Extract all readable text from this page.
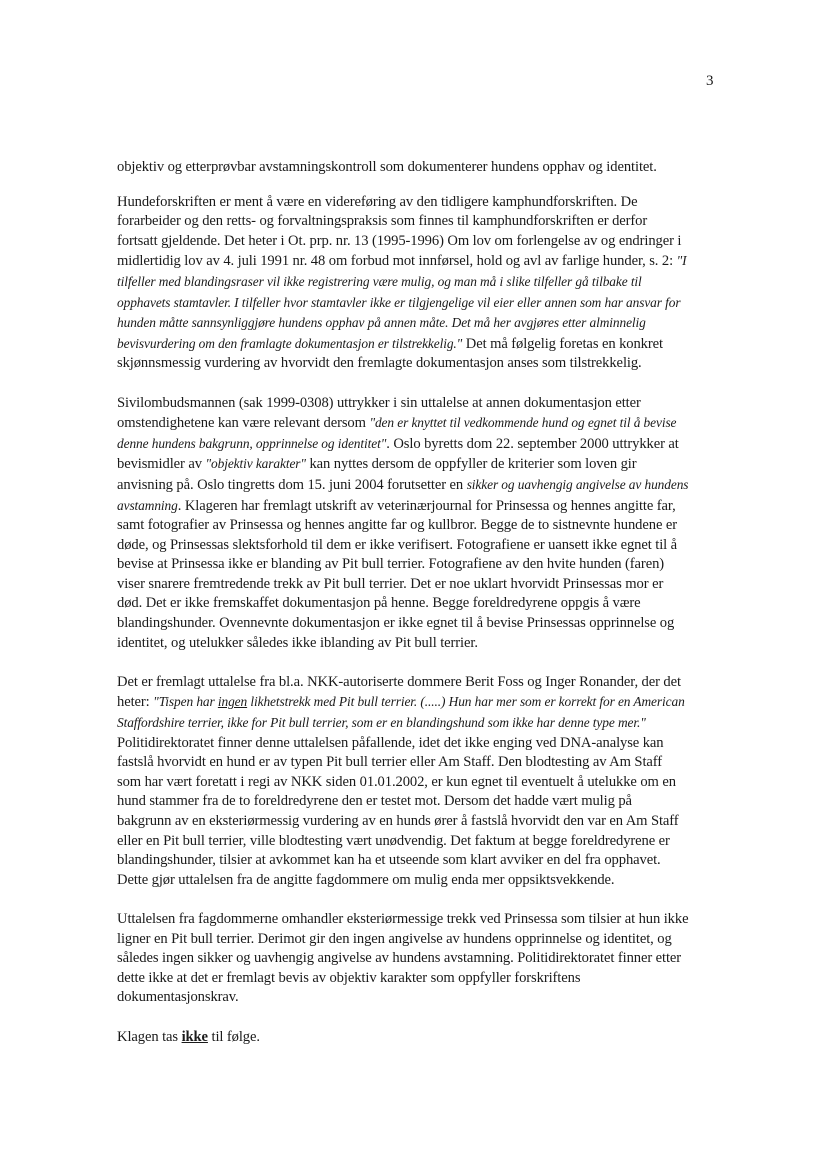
3

objektiv og etterprøvbar avstamningskontroll som dokumenterer hundens opphav og identitet.

Hundeforskriften er ment å være en videreføring av den tidligere kamphundforskriften. De forarbeider og den retts- og forvaltningspraksis som finnes til kamphundforskriften er derfor fortsatt gjeldende. Det heter i Ot. prp. nr. 13 (1995-1996) Om lov om forlengelse av og endringer i midlertidig lov av 4. juli 1991 nr. 48 om forbud mot innførsel, hold og avl av farlige hunder, s. 2: "I tilfeller med blandingsraser vil ikke registrering være mulig, og man må i slike tilfeller gå tilbake til opphavets stamtavler. I tilfeller hvor stamtavler ikke er tilgjengelige vil eier eller annen som har ansvar for hunden måtte sannsynliggjøre hundens opphav på annen måte. Det må her avgjøres etter alminnelig bevisvurdering om den framlagte dokumentasjon er tilstrekkelig." Det må følgelig foretas en konkret skjønnsmessig vurdering av hvorvidt den fremlagte dokumentasjon anses som tilstrekkelig.

Sivilombudsmannen (sak 1999-0308) uttrykker i sin uttalelse at annen dokumentasjon etter omstendighetene kan være relevant dersom "den er knyttet til vedkommende hund og egnet til å bevise denne hundens bakgrunn, opprinnelse og identitet". Oslo byretts dom 22. september 2000 uttrykker at bevismidler av "objektiv karakter" kan nyttes dersom de oppfyller de kriterier som loven gir anvisning på. Oslo tingretts dom 15. juni 2004 forutsetter en sikker og uavhengig angivelse av hundens avstamning. Klageren har fremlagt utskrift av veterinærjournal for Prinsessa og hennes angitte far, samt fotografier av Prinsessa og hennes angitte far og kullbror. Begge de to sistnevnte hundene er døde, og Prinsessas slektsforhold til dem er ikke verifisert. Fotografiene er uansett ikke egnet til å bevise at Prinsessa ikke er blanding av Pit bull terrier. Fotografiene av den hvite hunden (faren) viser snarere fremtredende trekk av Pit bull terrier. Det er noe uklart hvorvidt Prinsessas mor er død. Det er ikke fremskaffet dokumentasjon på henne. Begge foreldredyrene oppgis å være blandingshunder. Ovennevnte dokumentasjon er ikke egnet til å bevise Prinsessas opprinnelse og identitet, og utelukker således ikke iblanding av Pit bull terrier.

Det er fremlagt uttalelse fra bl.a. NKK-autoriserte dommere Berit Foss og Inger Ronander, der det heter: "Tispen har ingen likhetstrekk med Pit bull terrier. (.....) Hun har mer som er korrekt for en American Staffordshire terrier, ikke for Pit bull terrier, som er en blandingshund som ikke har denne type mer." Politidirektoratet finner denne uttalelsen påfallende, idet det ikke enging ved DNA-analyse kan fastslå hvorvidt en hund er av typen Pit bull terrier eller Am Staff. Den blodtesting av Am Staff som har vært foretatt i regi av NKK siden 01.01.2002, er kun egnet til eventuelt å utelukke om en hund stammer fra de to foreldredyrene den er testet mot. Dersom det hadde vært mulig på bakgrunn av en eksteriørmessig vurdering av en hunds ører å fastslå hvorvidt den var en Am Staff eller en Pit bull terrier, ville blodtesting vært unødvendig. Det faktum at begge foreldredyrene er blandingshunder, tilsier at avkommet kan ha et utseende som klart avviker en del fra opphavet. Dette gjør uttalelsen fra de angitte fagdommere om mulig enda mer oppsiktsvekkende.

Uttalelsen fra fagdommerne omhandler eksteriørmessige trekk ved Prinsessa som tilsier at hun ikke ligner en Pit bull terrier. Derimot gir den ingen angivelse av hundens opprinnelse og identitet, og således ingen sikker og uavhengig angivelse av hundens avstamning. Politidirektoratet finner etter dette ikke at det er fremlagt bevis av objektiv karakter som oppfyller forskriftens dokumentasjonskrav.

Klagen tas ikke til følge.
